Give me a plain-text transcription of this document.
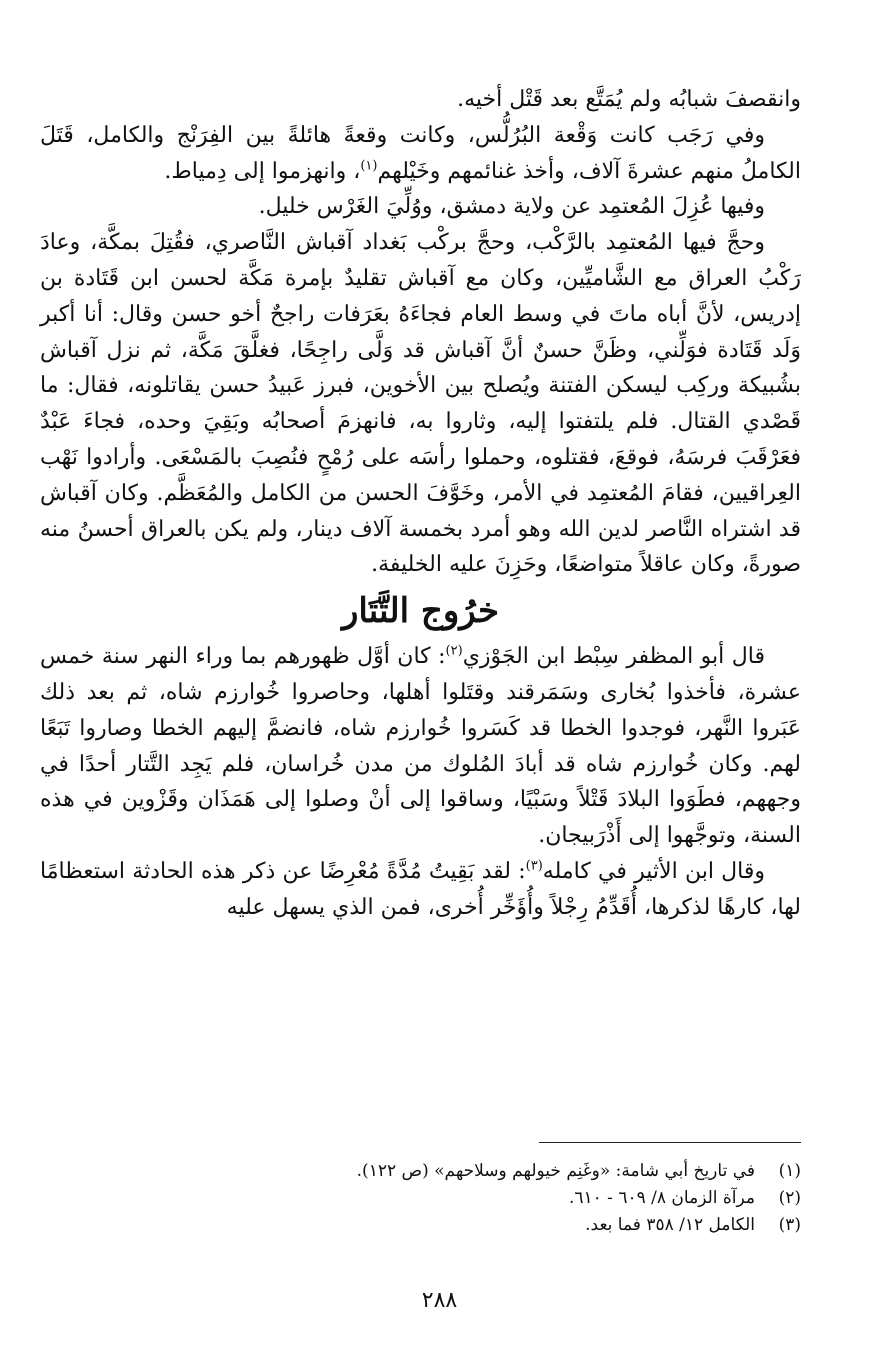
وانقصفَ شبابُه ولم يُمَتَّع بعد قَتْل أخيه.

وفي رَجَب كانت وَقْعة البُرُلُّس، وكانت وقعةً هائلةً بين الفِرَنْج والكامل، قَتَلَ الكاملُ منهم عشرةَ آلاف، وأخذ غنائمهم وخَيْلهم$^{(١)}$، وانهزموا إلى دِمياط.

وفيها عُزِلَ المُعتمِد عن ولاية دمشق، ووُلِّيَ الغَرْس خليل.

وحجَّ فيها المُعتمِد بالرَّكْب، وحجَّ بركْب بَغداد آقباش النَّاصري، فقُتِلَ بمكَّة، وعادَ رَكْبُ العراق مع الشَّاميِّين، وكان مع آقباش تقليدٌ بإمرة مَكَّة لحسن ابن قَتَادة بن إدريس، لأنَّ أباه ماتَ في وسط العام فجاءَهُ بعَرَفات راجحٌ أخو حسن وقال: أنا أكبر وَلَد قَتَادة فوَلِّني، وظَنَّ حسنٌ أنَّ آقباش قد وَلَّى راجِحًا، فغلَّقَ مَكَّة، ثم نزل آقباش بشُبيكة وركِب ليسكن الفتنة ويُصلح بين الأخوين، فبرز عَبيدُ حسن يقاتلونه، فقال: ما قَصْدي القتال. فلم يلتفتوا إليه، وثاروا به، فانهزمَ أصحابُه وبَقِيَ وحده، فجاءَ عَبْدٌ فعَرْقَبَ فرسَهُ، فوقعَ، فقتلوه، وحملوا رأسَه على رُمْحٍ فنُصِبَ بالمَسْعَى. وأرادوا نَهْب العِراقيين، فقامَ المُعتمِد في الأمر، وخَوَّفَ الحسن من الكامل والمُعَظَّم. وكان آقباش قد اشتراه النَّاصر لدين الله وهو أمرد بخمسة آلاف دينار، ولم يكن بالعراق أحسنُ منه صورةً، وكان عاقلاً متواضعًا، وحَزِنَ عليه الخليفة.

خرُوج التَّتَار

قال أبو المظفر سِبْط ابن الجَوْزي$^{(٢)}$: كان أوَّل ظهورهم بما وراء النهر سنة خمس عشرة، فأخذوا بُخارى وسَمَرقند وقتَلوا أهلها، وحاصروا خُوارزم شاه، ثم بعد ذلك عَبَروا النَّهر، فوجدوا الخطا قد كَسَروا خُوارزم شاه، فانضمَّ إليهم الخطا وصاروا تَبَعًا لهم. وكان خُوارزم شاه قد أبادَ المُلوك من مدن خُراسان، فلم يَجِد التَّتار أحدًا في وجههم، فطَوَوا البلادَ قَتْلاً وسَبْيًا، وساقوا إلى أنْ وصلوا إلى هَمَذَان وقَزْوين في هذه السنة، وتوجَّهوا إلى أَذْرَبيجان.

وقال ابن الأثير في كامله$^{(٣)}$: لقد بَقِيتُ مُدَّةً مُعْرِضًا عن ذكر هذه الحادثة استعظامًا لها، كارهًا لذكرها، أُقَدِّمُ رِجْلاً وأُؤَخِّر أُخرى، فمن الذي يسهل عليه

(١)
في تاريخ أبي شامة: «وغَنِم خيولهم وسلاحهم» (ص ١٢٢).
(٢)
مرآة الزمان ٨/ ٦٠٩ - ٦١٠.
(٣)
الكامل ١٢/ ٣٥٨ فما بعد.
٢٨٨
